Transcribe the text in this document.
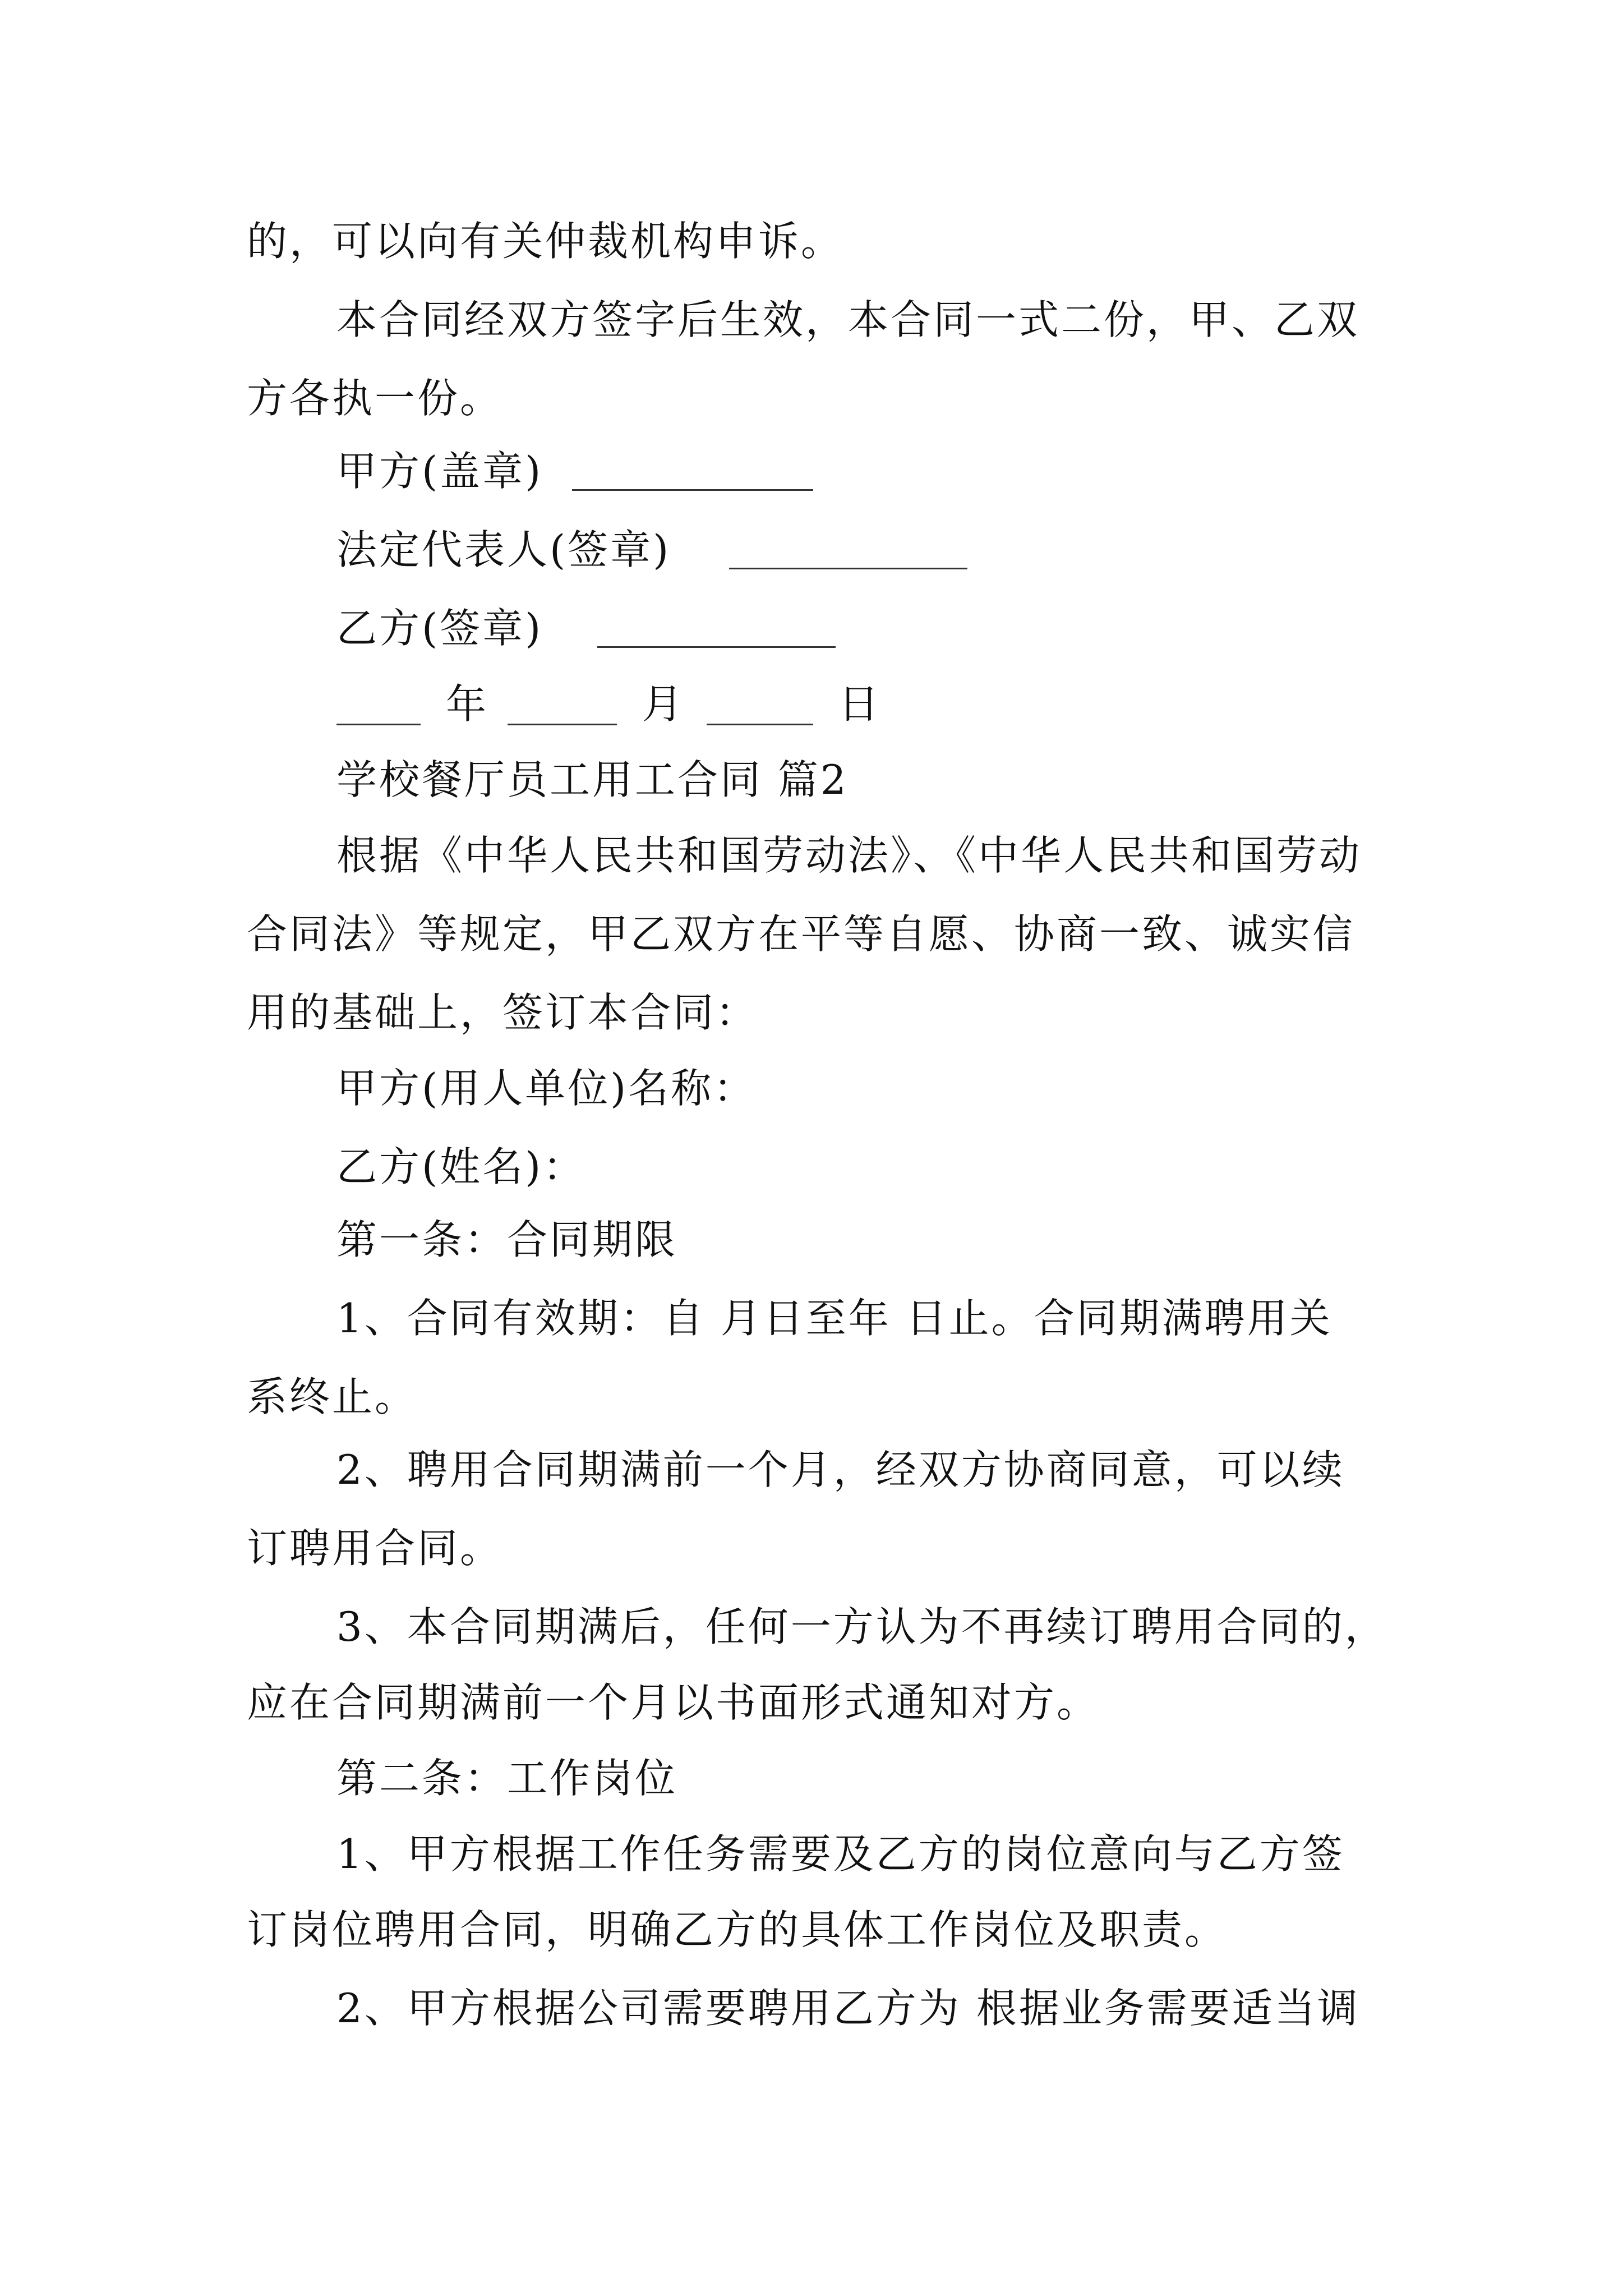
的，可以向有关仲裁机构申诉。
本合同经双方签字后生效，本合同一式二份，甲、乙双
方各执一份。
甲方(盖章)
法定代表人(签章)
乙方(签章)
年	月	日
学校餐厅员工用工合同 篇2
根据《中华人民共和国劳动法》、《中华人民共和国劳动
合同法》等规定，甲乙双方在平等自愿、协商一致、诚实信
用的基础上，签订本合同：
甲方(用人单位)名称：
乙方(姓名)：
第一条：合同期限
1、合同有效期：自 月日至年 日止。合同期满聘用关
系终止。
2、聘用合同期满前一个月，经双方协商同意，可以续
订聘用合同。
3、本合同期满后，任何一方认为不再续订聘用合同的，
应在合同期满前一个月以书面形式通知对方。
第二条：工作岗位
1、甲方根据工作任务需要及乙方的岗位意向与乙方签
订岗位聘用合同，明确乙方的具体工作岗位及职责。
2、甲方根据公司需要聘用乙方为 根据业务需要适当调
